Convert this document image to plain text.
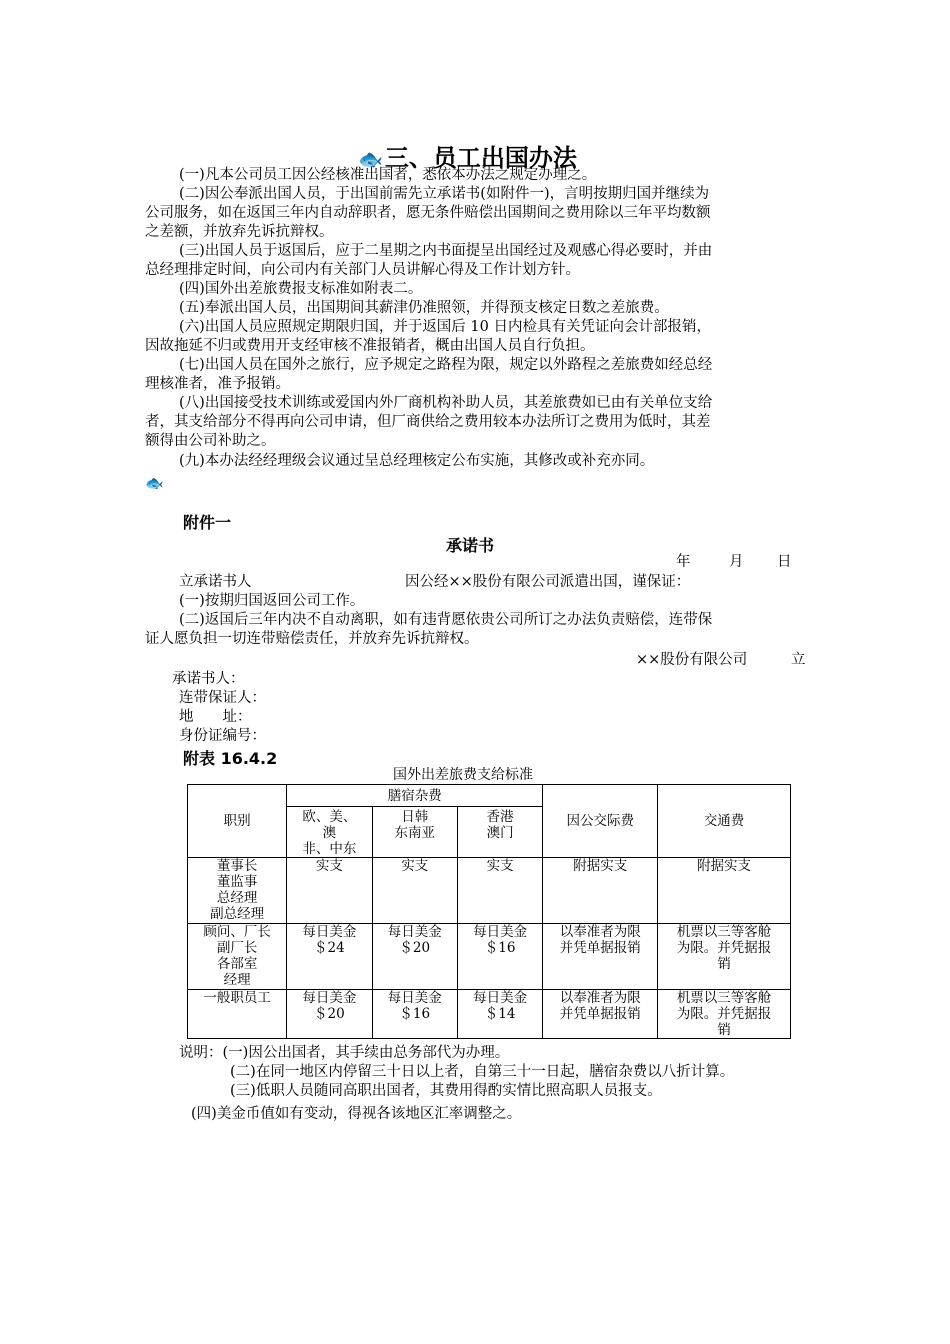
🐟三、员工出国办法
(一)凡本公司员工因公经核准出国者，悉依本办法之规定办理之。
(二)因公奉派出国人员，于出国前需先立承诺书(如附件一)，言明按期归国并继续为
公司服务，如在返国三年内自动辞职者，愿无条件赔偿出国期间之费用除以三年平均数额
之差额，并放弃先诉抗辩权。
(三)出国人员于返国后，应于二星期之内书面提呈出国经过及观感心得必要时，并由
总经理排定时间，向公司内有关部门人员讲解心得及工作计划方针。
(四)国外出差旅费报支标准如附表二。
(五)奉派出国人员，出国期间其薪津仍准照领，并得预支核定日数之差旅费。
(六)出国人员应照规定期限归国，并于返国后 10 日内检具有关凭证向会计部报销，
因故拖延不归或费用开支经审核不准报销者，概由出国人员自行负担。
(七)出国人员在国外之旅行，应予规定之路程为限，规定以外路程之差旅费如经总经
理核准者，准予报销。
(八)出国接受技术训练或爱国内外厂商机构补助人员，其差旅费如已由有关单位支给
者，其支给部分不得再向公司申请，但厂商供给之费用较本办法所订之费用为低时，其差
额得由公司补助之。
(九)本办法经经理级会议通过呈总经理核定公布实施，其修改或补充亦同。
🐟
附件一
承诺书
年	月 日
立承诺书人	因公经××股份有限公司派遣出国，谨保证：
(一)按期归国返回公司工作。
(二)返国后三年内决不自动离职，如有违背愿依贵公司所订之办法负责赔偿，连带保
证人愿负担一切连带赔偿责任，并放弃先诉抗辩权。
××股份有限公司	立
承诺书人：
连带保证人：
地　　址：
身份证编号：
附表 16.4.2
国外出差旅费支给标准
职别	膳宿杂费			因公交际费	交通费
	欧、美、
澳
非、中东	日韩
东南亚	香港
澳门		
董事长
董监事
总经理
副总经理	实支	实支	实支	附据实支	附据实支
顾问、厂长
副厂长
各部室
经理	每日美金
＄24	每日美金
＄20	每日美金
＄16	以奉准者为限
并凭单据报销	机票以三等客舱
为限。并凭据报
销
一般职员工	每日美金
＄20	每日美金
＄16	每日美金
＄14	以奉准者为限
并凭单据报销	机票以三等客舱
为限。并凭据报
销
说明：(一)因公出国者，其手续由总务部代为办理。
(二)在同一地区内停留三十日以上者，自第三十一日起，膳宿杂费以八折计算。
(三)低职人员随同高职出国者，其费用得酌实情比照高职人员报支。
(四)美金币值如有变动，得视各该地区汇率调整之。
